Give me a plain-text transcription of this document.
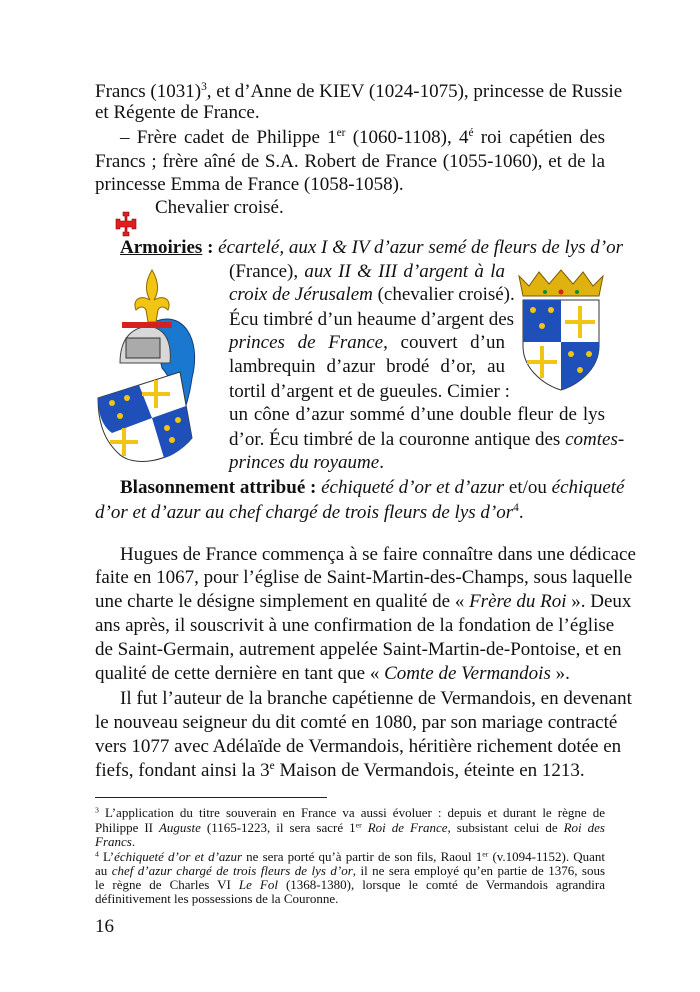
Francs $(1031)^3$, et d’Anne de KIEV (1024-1075), princesse de Russie
et Régente de France.
– Frère cadet de Philippe 1er (1060-1108), $4^é$ roi capétien des
Francs ; frère aîné de S.A. Robert de France (1055-1060), et de la
princesse Emma de France (1058-1058).
Chevalier croisé.
Armoiries : écartelé, aux I & IV d’azur semé de fleurs de lys d’or
(France), aux II & III d’argent à la
croix de Jérusalem (chevalier croisé).
Écu timbré d’un heaume d’argent des
princes de France, couvert d’un
lambrequin d’azur brodé d’or, au
tortil d’argent et de gueules. Cimier :
un cône d’azur sommé d’une double fleur de lys
d’or. Écu timbré de la couronne antique des comtes-
princes du royaume.
Blasonnement attribué : échiqueté d’or et d’azur et/ou échiqueté
d’or et d’azur au chef chargé de trois fleurs de lys $d’or^4$.
Hugues de France commença à se faire connaître dans une dédicace
faite en 1067, pour l’église de Saint-Martin-des-Champs, sous laquelle
une charte le désigne simplement en qualité de « Frère du Roi ». Deux
ans après, il souscrivit à une confirmation de la fondation de l’église
de Saint-Germain, autrement appelée Saint-Martin-de-Pontoise, et en
qualité de cette dernière en tant que « Comte de Vermandois ».
Il fut l’auteur de la branche capétienne de Vermandois, en devenant
le nouveau seigneur du dit comté en 1080, par son mariage contracté
vers 1077 avec Adélaïde de Vermandois, héritière richement dotée en
fiefs, fondant ainsi la 3e Maison de Vermandois, éteinte en 1213.
$^3$ L’application du titre souverain en France va aussi évoluer : depuis et durant le règne de
Philippe II Auguste (1165-1223, il sera sacré 1er Roi de France, subsistant celui de Roi des
Francs.
$^4$ L’échiqueté d’or et d’azur ne sera porté qu’à partir de son fils, Raoul 1er (v.1094-1152). Quant
au chef d’azur chargé de trois fleurs de lys d’or, il ne sera employé qu’en partie de 1376, sous
le règne de Charles VI Le Fol (1368-1380), lorsque le comté de Vermandois agrandira
définitivement les possessions de la Couronne.
16
